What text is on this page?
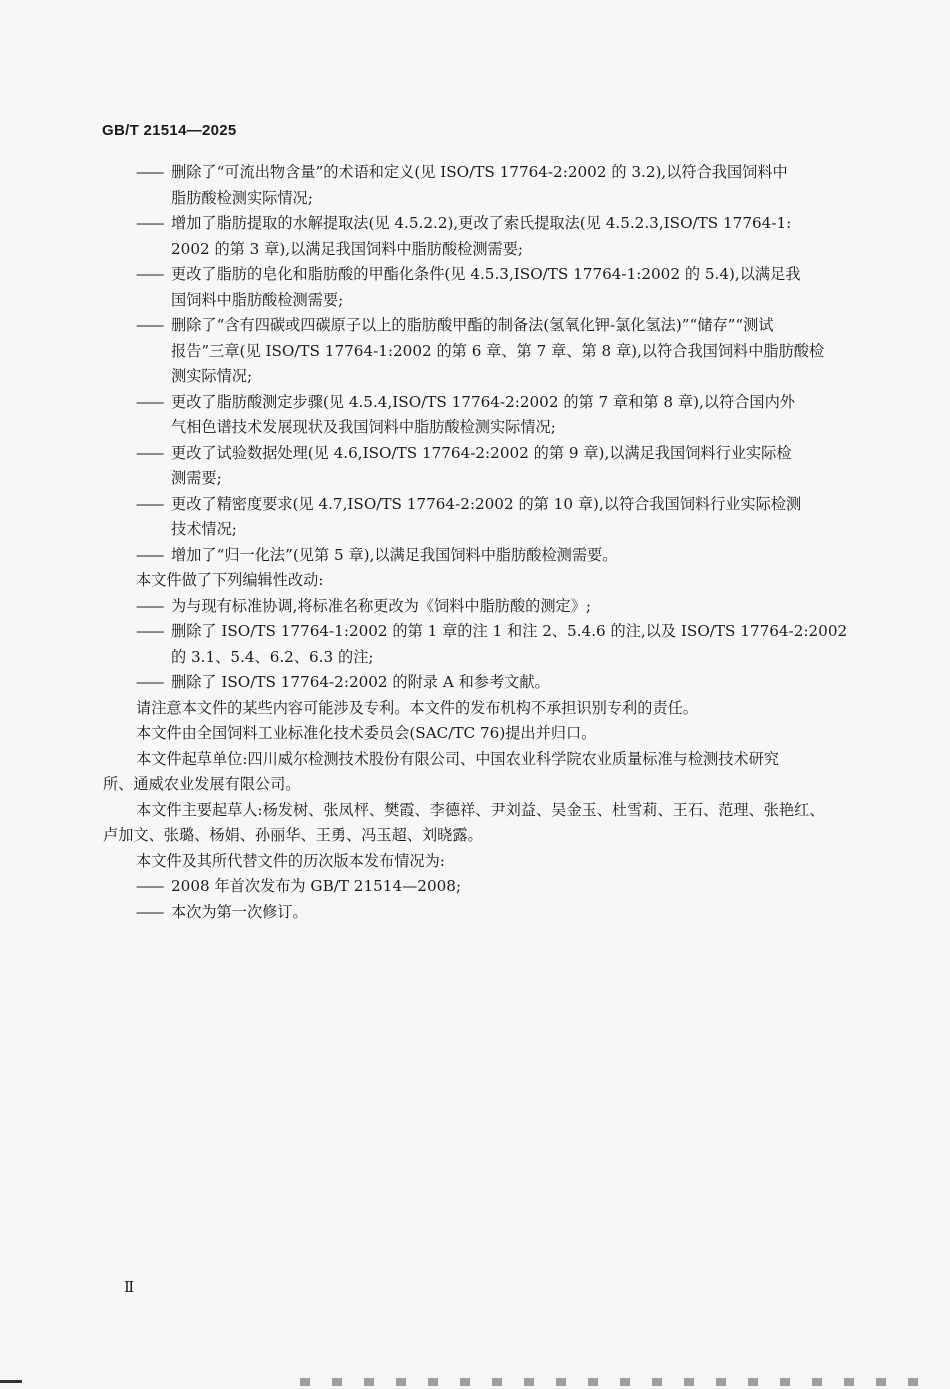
GB/T 21514—2025
—— 删除了“可流出物含量”的术语和定义(见 ISO/TS 17764-2:2002 的 3.2),以符合我国饲料中
脂肪酸检测实际情况;
—— 增加了脂肪提取的水解提取法(见 4.5.2.2),更改了索氏提取法(见 4.5.2.3,ISO/TS 17764-1:
2002 的第 3 章),以满足我国饲料中脂肪酸检测需要;
—— 更改了脂肪的皂化和脂肪酸的甲酯化条件(见 4.5.3,ISO/TS 17764-1:2002 的 5.4),以满足我
国饲料中脂肪酸检测需要;
—— 删除了“含有四碳或四碳原子以上的脂肪酸甲酯的制备法(氢氧化钾-氯化氢法)”“储存”“测试
报告”三章(见 ISO/TS 17764-1:2002 的第 6 章、第 7 章、第 8 章),以符合我国饲料中脂肪酸检
测实际情况;
—— 更改了脂肪酸测定步骤(见 4.5.4,ISO/TS 17764-2:2002 的第 7 章和第 8 章),以符合国内外
气相色谱技术发展现状及我国饲料中脂肪酸检测实际情况;
—— 更改了试验数据处理(见 4.6,ISO/TS 17764-2:2002 的第 9 章),以满足我国饲料行业实际检
测需要;
—— 更改了精密度要求(见 4.7,ISO/TS 17764-2:2002 的第 10 章),以符合我国饲料行业实际检测
技术情况;
—— 增加了“归一化法”(见第 5 章),以满足我国饲料中脂肪酸检测需要。

本文件做了下列编辑性改动:

—— 为与现有标准协调,将标准名称更改为《饲料中脂肪酸的测定》;
—— 删除了 ISO/TS 17764-1:2002 的第 1 章的注 1 和注 2、5.4.6 的注,以及 ISO/TS 17764-2:2002
的 3.1、5.4、6.2、6.3 的注;
—— 删除了 ISO/TS 17764-2:2002 的附录 A 和参考文献。

请注意本文件的某些内容可能涉及专利。本文件的发布机构不承担识别专利的责任。

本文件由全国饲料工业标准化技术委员会(SAC/TC 76)提出并归口。

本文件起草单位:四川威尔检测技术股份有限公司、中国农业科学院农业质量标准与检测技术研究
所、通威农业发展有限公司。
本文件主要起草人:杨发树、张凤枰、樊霞、李德祥、尹刘益、吴金玉、杜雪莉、王石、范理、张艳红、
卢加文、张璐、杨娟、孙丽华、王勇、冯玉超、刘晓露。

本文件及其所代替文件的历次版本发布情况为:

—— 2008 年首次发布为 GB/T 21514—2008;
—— 本次为第一次修订。
Ⅱ
